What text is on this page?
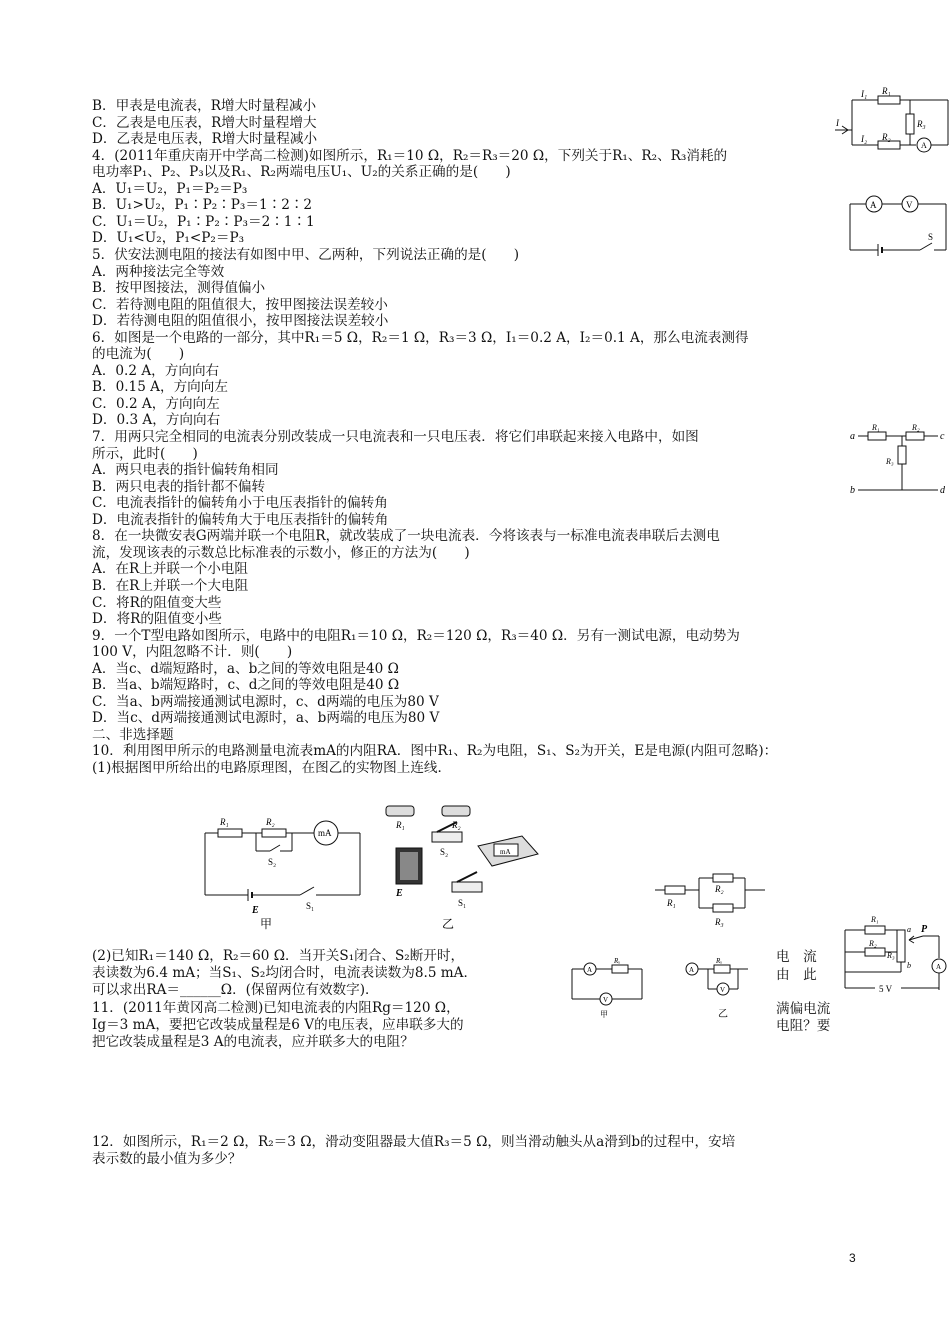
B．甲表是电流表，R增大时量程减小
C．乙表是电压表，R增大时量程增大
D．乙表是电压表，R增大时量程减小
4．(2011年重庆南开中学高二检测)如图所示，R₁＝10 Ω，R₂＝R₃＝20 Ω，下列关于R₁、R₂、R₃消耗的
电功率P₁、P₂、P₃以及R₁、R₂两端电压U₁、U₂的关系正确的是(　　)
A．U₁＝U₂，P₁＝P₂＝P₃
B．U₁>U₂，P₁∶P₂∶P₃＝1∶2∶2
C．U₁＝U₂，P₁∶P₂∶P₃＝2∶1∶1
D．U₁<U₂，P₁<P₂＝P₃
5．伏安法测电阻的接法有如图中甲、乙两种，下列说法正确的是(　　)
A．两种接法完全等效
B．按甲图接法，测得值偏小
C．若待测电阻的阻值很大，按甲图接法误差较小
D．若待测电阻的阻值很小，按甲图接法误差较小
6．如图是一个电路的一部分，其中R₁＝5 Ω，R₂＝1 Ω，R₃＝3 Ω，I₁＝0.2 A，I₂＝0.1 A，那么电流表测得
的电流为(　　)
A．0.2 A，方向向右
B．0.15 A，方向向左
C．0.2 A，方向向左
D．0.3 A，方向向右
7．用两只完全相同的电流表分别改装成一只电流表和一只电压表．将它们串联起来接入电路中，如图
所示，此时(　　)
A．两只电表的指针偏转角相同
B．两只电表的指针都不偏转
C．电流表指针的偏转角小于电压表指针的偏转角
D．电流表指针的偏转角大于电压表指针的偏转角
8．在一块微安表G两端并联一个电阻R，就改装成了一块电流表．今将该表与一标准电流表串联后去测电
流，发现该表的示数总比标准表的示数小，修正的方法为(　　)
A．在R上并联一个小电阻
B．在R上并联一个大电阻
C．将R的阻值变大些
D．将R的阻值变小些
9．一个T型电路如图所示，电路中的电阻R₁＝10 Ω，R₂＝120 Ω，R₃＝40 Ω．另有一测试电源，电动势为
100 V，内阻忽略不计．则(　　)
A．当c、d端短路时，a、b之间的等效电阻是40 Ω
B．当a、b端短路时，c、d之间的等效电阻是40 Ω
C．当a、b两端接通测试电源时，c、d两端的电压为80 V
D．当c、d两端接通测试电源时，a、b两端的电压为80 V
二、非选择题
10．利用图甲所示的电路测量电流表mA的内阻RA．图中R₁、R₂为电阻，S₁、S₂为开关，E是电源(内阻可忽略)：
(1)根据图甲所给出的电路原理图，在图乙的实物图上连线．
(2)已知R₁＝140 Ω，R₂＝60 Ω．当开关S₁闭合、S₂断开时，
表读数为6.4 mA；当S₁、S₂均闭合时，电流表读数为8.5 mA．
可以求出RA＝______Ω．(保留两位有效数字)．
11．(2011年黄冈高二检测)已知电流表的内阻Rg＝120 Ω，
Ig＝3 mA，要把它改装成量程是6 V的电压表，应串联多大的
把它改装成量程是3 A的电流表，应并联多大的电阻？
12．如图所示，R₁＝2 Ω，R₂＝3 Ω，滑动变阻器最大值R₃＝5 Ω，则当滑动触头从a滑到b的过程中，安培
表示数的最小值为多少？
电　流
由　此
满偏电流
电阻？要
I₁
I₂
R₁
R₂
R₃
I
A
A	V
S
a	c
b	d
R₁	R₂
R₃
R₁	R₂
mA
S₂
E	S₁
甲
R₁	R₂
S₂
E
mA
S₁
乙
R₁
R₂
R₃
A
V
Rₓ
甲
A
V
Rₓ
乙
R₁
R₂
R₃
a
b
P
A
5 V
3
